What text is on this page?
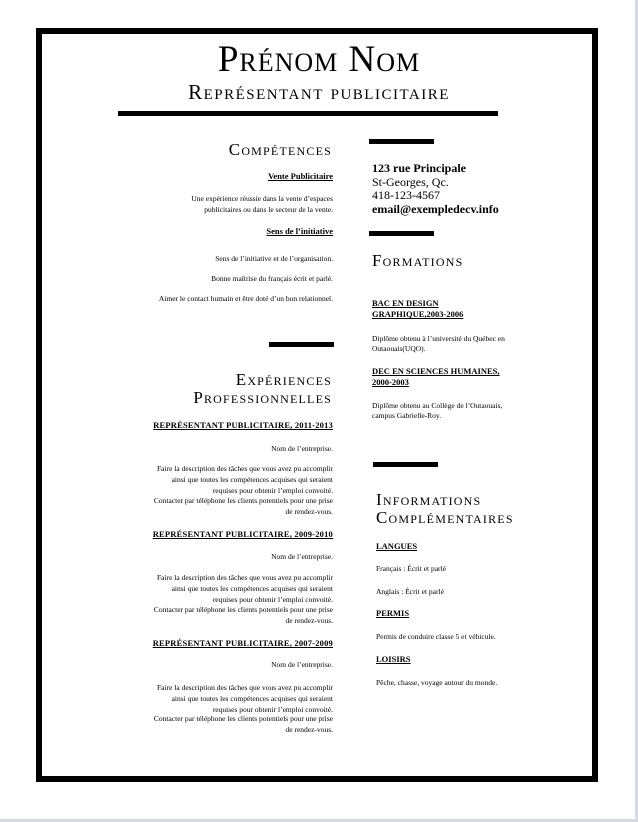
Prénom Nom
Représentant publicitaire
Compétences
Vente Publicitaire
Une expérience réussie dans la vente d’espaces
publicitaires ou dans le secteur de la vente.
Sens de l’initiative
Sens de l’initiative et de l’organisation.
Bonne maîtrise du français écrit et parlé.
Aimer le contact humain et être doté d’un bon relationnel.
Expériences
Professionnelles
REPRÉSENTANT PUBLICITAIRE, 2011-2013
Nom de l’entreprise.
Faire la description des tâches que vous avez pu accomplir
ainsi que toutes les compétences acquises qui seraient
requises pour obtenir l’emploi convoité.
Contacter par téléphone les clients potentiels pour une prise
de rendez-vous.
REPRÉSENTANT PUBLICITAIRE, 2009-2010
Nom de l’entreprise.
Faire la description des tâches que vous avez pu accomplir
ainsi que toutes les compétences acquises qui seraient
requises pour obtenir l’emploi convoité.
Contacter par téléphone les clients potentiels pour une prise
de rendez-vous.
REPRÉSENTANT PUBLICITAIRE, 2007-2009
Nom de l’entreprise.
Faire la description des tâches que vous avez pu accomplir
ainsi que toutes les compétences acquises qui seraient
requises pour obtenir l’emploi convoité.
Contacter par téléphone les clients potentiels pour une prise
de rendez-vous.
123 rue Principale
St-Georges, Qc.
418-123-4567
email@exempledecv.info
Formations
BAC EN DESIGN
GRAPHIQUE,2003-2006
Diplôme obtenu à l’université du Québec en
Outaouais(UQO).
DEC EN SCIENCES HUMAINES,
2000-2003
Diplôme obtenu au Collège de l’Outaouais,
campus Gabrielle-Roy.
Informations
Complémentaires
LANGUES
Français : Écrit et parlé
Anglais : Écrit et parlé
PERMIS
Permis de conduire classe 5 et véhicule.
LOISIRS
Pêche, chasse, voyage autour du monde.
